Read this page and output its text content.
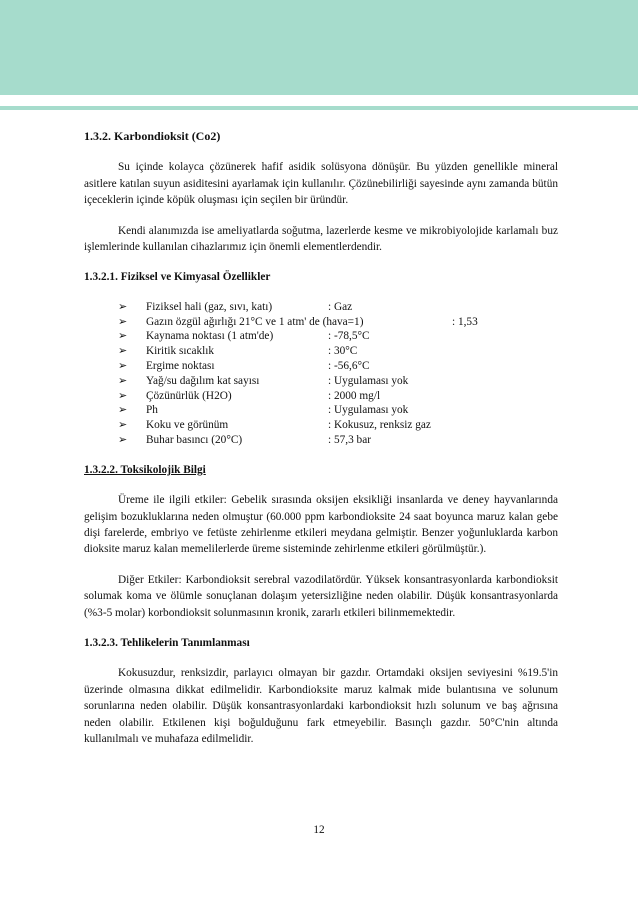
1.3.2. Karbondioksit (Co2)

Su içinde kolayca çözünerek hafif asidik solüsyona dönüşür. Bu yüzden genellikle mineral asitlere katılan suyun asiditesini ayarlamak için kullanılır. Çözünebilirliği sayesinde aynı zamanda bütün içeceklerin içinde köpük oluşması için seçilen bir üründür.

Kendi alanımızda ise ameliyatlarda soğutma, lazerlerde kesme ve mikrobiyolojide karlamalı buz işlemlerinde kullanılan cihazlarımız için önemli elementlerdendir.

1.3.2.1. Fiziksel ve Kimyasal Özellikler
➢ Fiziksel hali (gaz, sıvı, katı)	: Gaz
➢ Gazın özgül ağırlığı 21°C ve 1 atm' de (hava=1)	: 1,53
➢ Kaynama noktası (1 atm'de)	: -78,5°C
➢ Kiritik sıcaklık	: 30°C
➢ Ergime noktası	: -56,6°C
➢ Yağ/su dağılım kat sayısı	: Uygulaması yok
➢ Çözünürlük (H2O)	: 2000 mg/l
➢ Ph	: Uygulaması yok
➢ Koku ve görünüm	: Kokusuz, renksiz gaz
➢ Buhar basıncı (20°C)	: 57,3 bar
1.3.2.2. Toksikolojik Bilgi

Üreme ile ilgili etkiler: Gebelik sırasında oksijen eksikliği insanlarda ve deney hayvanlarında gelişim bozukluklarına neden olmuştur (60.000 ppm karbondioksite 24 saat boyunca maruz kalan gebe dişi farelerde, embriyo ve fetüste zehirlenme etkileri meydana gelmiştir. Benzer yoğunluklarda karbon dioksite maruz kalan memelilerlerde üreme sisteminde zehirlenme etkileri görülmüştür.).

Diğer Etkiler: Karbondioksit serebral vazodilatördür. Yüksek konsantrasyonlarda karbondioksit solumak koma ve ölümle sonuçlanan dolaşım yetersizliğine neden olabilir. Düşük konsantrasyonlarda (%3-5 molar) korbondioksit solunmasının kronik, zararlı etkileri bilinmemektedir.

1.3.2.3. Tehlikelerin Tanımlanması

Kokusuzdur, renksizdir, parlayıcı olmayan bir gazdır. Ortamdaki oksijen seviyesini %19.5'in üzerinde olmasına dikkat edilmelidir. Karbondioksite maruz kalmak mide bulantısına ve solunum sorunlarına neden olabilir. Düşük konsantrasyonlardaki karbondioksit hızlı solunum ve baş ağrısına neden olabilir. Etkilenen kişi boğulduğunu fark etmeyebilir. Basınçlı gazdır. 50°C'nin altında kullanılmalı ve muhafaza edilmelidir.

12
